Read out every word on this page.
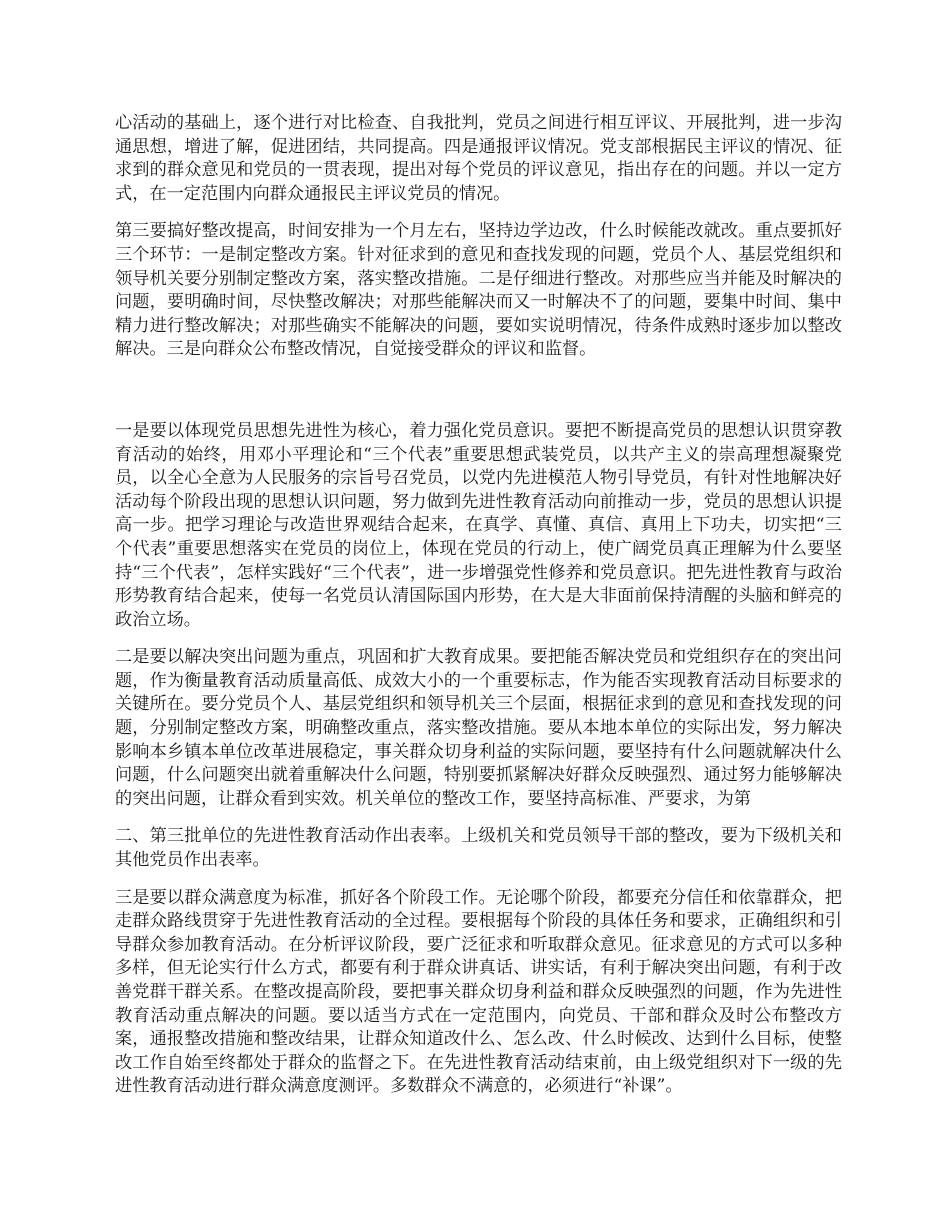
心活动的基础上，逐个进行对比检查、自我批判，党员之间进行相互评议、开展批判，进一步沟通思想，增进了解，促进团结，共同提高。四是通报评议情况。党支部根据民主评议的情况、征求到的群众意见和党员的一贯表现，提出对每个党员的评议意见，指出存在的问题。并以一定方式，在一定范围内向群众通报民主评议党员的情况。

第三要搞好整改提高，时间安排为一个月左右，坚持边学边改，什么时候能改就改。重点要抓好三个环节：一是制定整改方案。针对征求到的意见和查找发现的问题，党员个人、基层党组织和领导机关要分别制定整改方案，落实整改措施。二是仔细进行整改。对那些应当并能及时解决的问题，要明确时间，尽快整改解决；对那些能解决而又一时解决不了的问题，要集中时间、集中精力进行整改解决；对那些确实不能解决的问题，要如实说明情况，待条件成熟时逐步加以整改解决。三是向群众公布整改情况，自觉接受群众的评议和监督。

一是要以体现党员思想先进性为核心，着力强化党员意识。要把不断提高党员的思想认识贯穿教育活动的始终，用邓小平理论和“三个代表”重要思想武装党员，以共产主义的崇高理想凝聚党员，以全心全意为人民服务的宗旨号召党员，以党内先进模范人物引导党员，有针对性地解决好活动每个阶段出现的思想认识问题，努力做到先进性教育活动向前推动一步，党员的思想认识提高一步。把学习理论与改造世界观结合起来，在真学、真懂、真信、真用上下功夫，切实把“三个代表”重要思想落实在党员的岗位上，体现在党员的行动上，使广阔党员真正理解为什么要坚持“三个代表”，怎样实践好“三个代表”，进一步增强党性修养和党员意识。把先进性教育与政治形势教育结合起来，使每一名党员认清国际国内形势，在大是大非面前保持清醒的头脑和鲜亮的政治立场。

二是要以解决突出问题为重点，巩固和扩大教育成果。要把能否解决党员和党组织存在的突出问题，作为衡量教育活动质量高低、成效大小的一个重要标志，作为能否实现教育活动目标要求的关键所在。要分党员个人、基层党组织和领导机关三个层面，根据征求到的意见和查找发现的问题，分别制定整改方案，明确整改重点，落实整改措施。要从本地本单位的实际出发，努力解决影响本乡镇本单位改革进展稳定，事关群众切身利益的实际问题，要坚持有什么问题就解决什么问题，什么问题突出就着重解决什么问题，特别要抓紧解决好群众反映强烈、通过努力能够解决的突出问题，让群众看到实效。机关单位的整改工作，要坚持高标准、严要求，为第

二、第三批单位的先进性教育活动作出表率。上级机关和党员领导干部的整改，要为下级机关和其他党员作出表率。

三是要以群众满意度为标准，抓好各个阶段工作。无论哪个阶段，都要充分信任和依靠群众，把走群众路线贯穿于先进性教育活动的全过程。要根据每个阶段的具体任务和要求，正确组织和引导群众参加教育活动。在分析评议阶段，要广泛征求和听取群众意见。征求意见的方式可以多种多样，但无论实行什么方式，都要有利于群众讲真话、讲实话，有利于解决突出问题，有利于改善党群干群关系。在整改提高阶段，要把事关群众切身利益和群众反映强烈的问题，作为先进性教育活动重点解决的问题。要以适当方式在一定范围内，向党员、干部和群众及时公布整改方案，通报整改措施和整改结果，让群众知道改什么、怎么改、什么时候改、达到什么目标，使整改工作自始至终都处于群众的监督之下。在先进性教育活动结束前，由上级党组织对下一级的先进性教育活动进行群众满意度测评。多数群众不满意的，必须进行“补课”。
